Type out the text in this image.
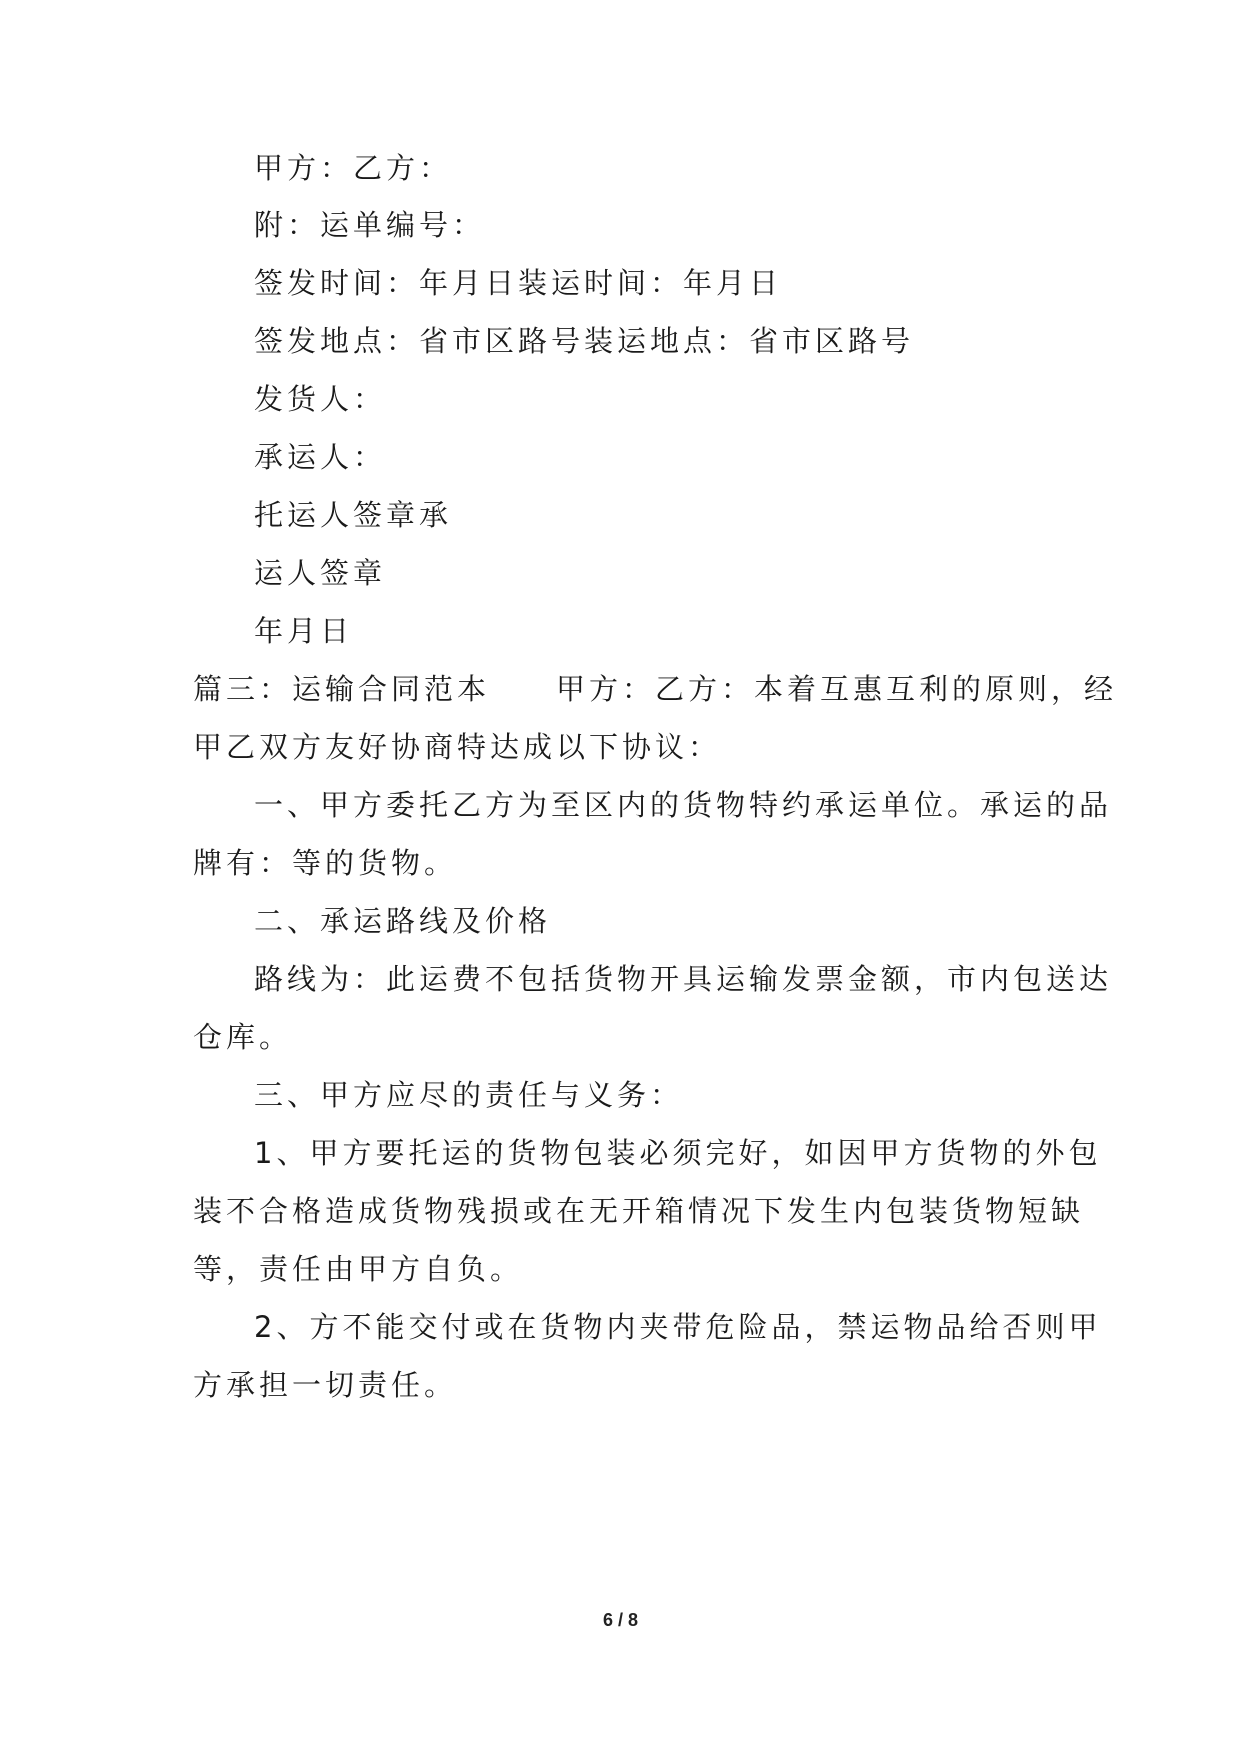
甲方：乙方：
附：运单编号：
签发时间：年月日装运时间：年月日
签发地点：省市区路号装运地点：省市区路号
发货人：
承运人：
托运人签章承
运人签章
年月日
篇三：运输合同范本　　甲方：乙方：本着互惠互利的原则，经
甲乙双方友好协商特达成以下协议：
一、甲方委托乙方为至区内的货物特约承运单位。承运的品
牌有：等的货物。
二、承运路线及价格
路线为：此运费不包括货物开具运输发票金额，市内包送达
仓库。
三、甲方应尽的责任与义务：
1、甲方要托运的货物包装必须完好，如因甲方货物的外包
装不合格造成货物残损或在无开箱情况下发生内包装货物短缺
等，责任由甲方自负。
2、方不能交付或在货物内夹带危险品，禁运物品给否则甲
方承担一切责任。
6 / 8
